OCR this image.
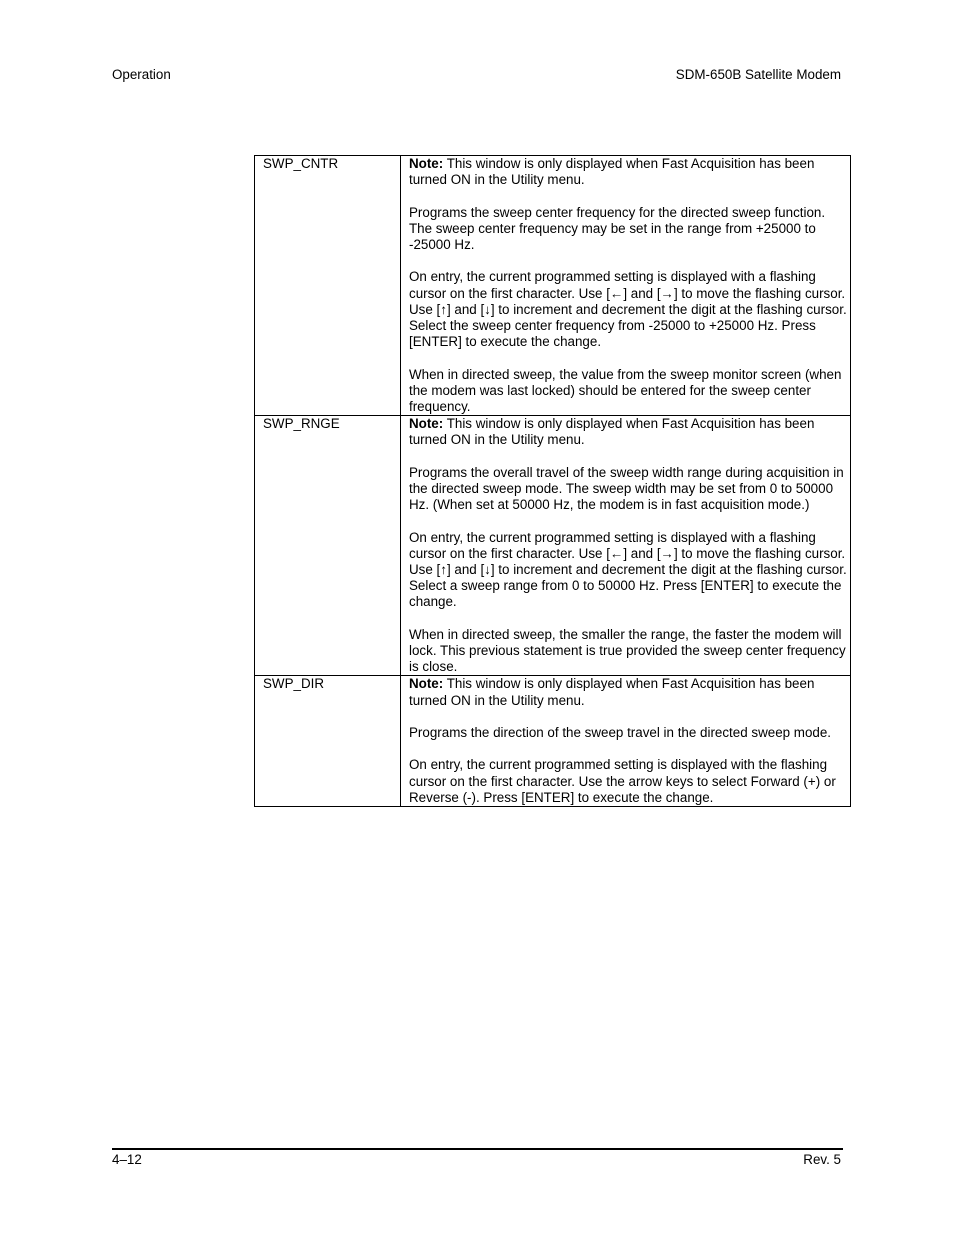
Operation	SDM-650B Satellite Modem
SWP_CNTR	Note: This window is only displayed when Fast Acquisition has been turned ON in the Utility menu.

Programs the sweep center frequency for the directed sweep function. The sweep center frequency may be set in the range from +25000 to -25000 Hz.

On entry, the current programmed setting is displayed with a flashing cursor on the first character. Use [←] and [→] to move the flashing cursor. Use [↑] and [↓] to increment and decrement the digit at the flashing cursor. Select the sweep center frequency from -25000 to +25000 Hz. Press [ENTER] to execute the change.

When in directed sweep, the value from the sweep monitor screen (when the modem was last locked) should be entered for the sweep center frequency.

SWP_RNGE	Note: This window is only displayed when Fast Acquisition has been turned ON in the Utility menu.

Programs the overall travel of the sweep width range during acquisition in the directed sweep mode. The sweep width may be set from 0 to 50000 Hz. (When set at 50000 Hz, the modem is in fast acquisition mode.)

On entry, the current programmed setting is displayed with a flashing cursor on the first character. Use [←] and [→] to move the flashing cursor. Use [↑] and [↓] to increment and decrement the digit at the flashing cursor. Select a sweep range from 0 to 50000 Hz. Press [ENTER] to execute the change.

When in directed sweep, the smaller the range, the faster the modem will lock. This previous statement is true provided the sweep center frequency is close.

SWP_DIR	Note: This window is only displayed when Fast Acquisition has been turned ON in the Utility menu.

Programs the direction of the sweep travel in the directed sweep mode.

On entry, the current programmed setting is displayed with the flashing cursor on the first character. Use the arrow keys to select Forward (+) or Reverse (-). Press [ENTER] to execute the change.

4–12	Rev. 5
